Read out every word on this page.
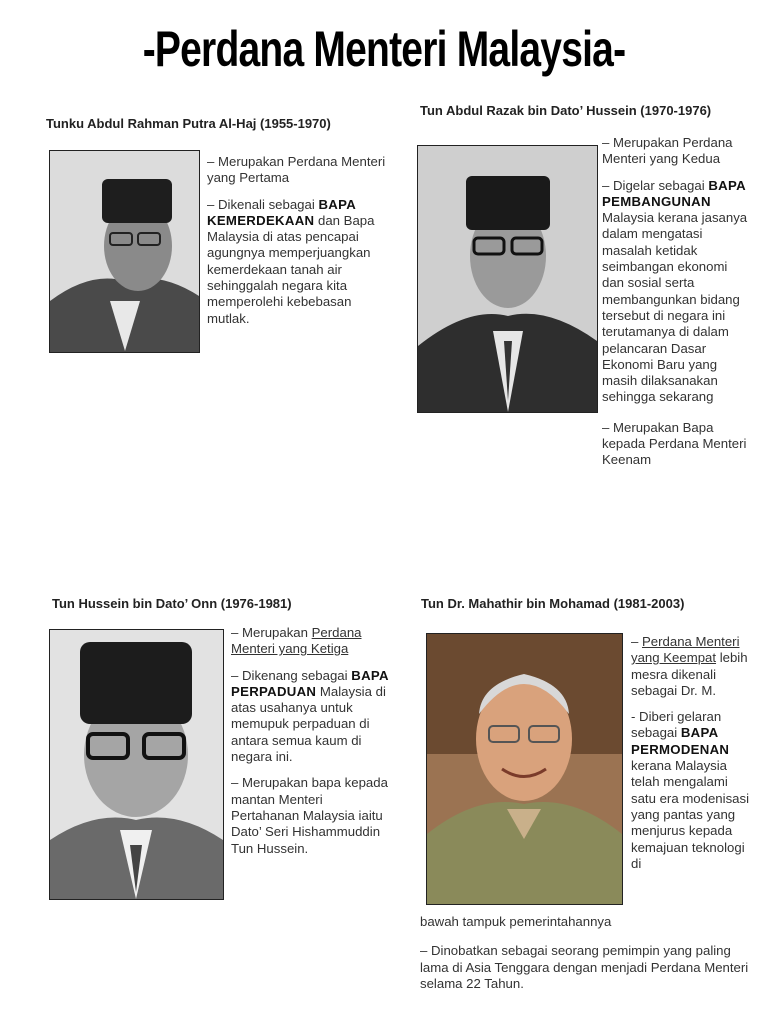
-Perdana Menteri Malaysia-
Tunku Abdul Rahman Putra Al-Haj (1955-1970)

– Merupakan Perdana Menteri yang Pertama

– Dikenali sebagai BAPA KEMERDEKAAN dan Bapa Malaysia di atas pencapai agungnya memperjuangkan kemerdekaan tanah air sehinggalah negara kita memperolehi kebebasan mutlak.

Tun Abdul Razak bin Dato’ Hussein (1970-1976)

– Merupakan Perdana Menteri yang Kedua

– Digelar sebagai BAPA PEMBANGUNAN Malaysia kerana jasanya dalam mengatasi masalah ketidak seimbangan ekonomi dan sosial serta membangunkan bidang tersebut di negara ini terutamanya di dalam pelancaran Dasar Ekonomi Baru yang masih dilaksanakan sehingga sekarang

– Merupakan Bapa kepada Perdana Menteri Keenam

Tun Hussein bin Dato’ Onn (1976-1981)

– Merupakan Perdana Menteri yang Ketiga

– Dikenang sebagai BAPA PERPADUAN Malaysia di atas usahanya untuk memupuk perpaduan di antara semua kaum di negara ini.

– Merupakan bapa kepada mantan Menteri Pertahanan Malaysia iaitu Dato’ Seri Hishammuddin Tun Hussein.

Tun Dr. Mahathir bin Mohamad (1981-2003)

– Perdana Menteri yang Keempat lebih mesra dikenali sebagai Dr. M.

- Diberi gelaran sebagai BAPA PERMODENAN kerana Malaysia telah mengalami satu era modenisasi yang pantas yang menjurus kepada kemajuan teknologi di

bawah tampuk pemerintahannya

– Dinobatkan sebagai seorang pemimpin yang paling lama di Asia Tenggara dengan menjadi Perdana Menteri selama 22 Tahun.
